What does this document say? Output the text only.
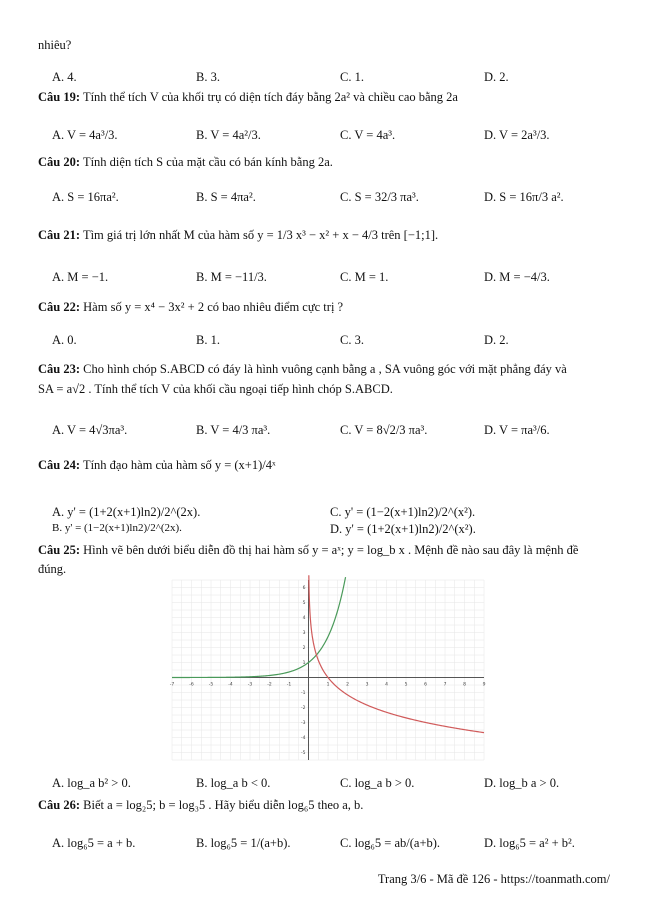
nhiêu?
A. 4.	B. 3.	C. 1.	D. 2.
Câu 19: Tính thể tích V của khối trụ có diện tích đáy bằng 2a² và chiều cao bằng 2a
A. V = 4a³/3.	B. V = 4a²/3.	C. V = 4a³.	D. V = 2a³/3.
Câu 20: Tính diện tích S của mặt cầu có bán kính bằng 2a.
A. S = 16πa².	B. S = 4πa².	C. S = 32/3 πa³.	D. S = 16π/3 a².
Câu 21: Tìm giá trị lớn nhất M của hàm số y = 1/3 x³ − x² + x − 4/3 trên [−1;1].
A. M = −1.	B. M = −11/3.	C. M = 1.	D. M = −4/3.
Câu 22: Hàm số y = x⁴ − 3x² + 2 có bao nhiêu điểm cực trị ?
A. 0.	B. 1.	C. 3.	D. 2.
Câu 23: Cho hình chóp S.ABCD có đáy là hình vuông cạnh bằng a , SA vuông góc với mặt phẳng đáy và
SA = a√2 . Tính thể tích V của khối cầu ngoại tiếp hình chóp S.ABCD.
A. V = 4√3πa³.	B. V = 4/3 πa³.	C. V = 8√2/3 πa³.	D. V = πa³/6.
Câu 24: Tính đạo hàm của hàm số y = (x+1)/4ˣ
A. y' = (1+2(x+1)ln2)/2^(2x).
B. y' = (1−2(x+1)ln2)/2^(2x).
C. y' = (1−2(x+1)ln2)/2^(x²).
D. y' = (1+2(x+1)ln2)/2^(x²).
Câu 25: Hình vẽ bên dưới biểu diễn đồ thị hai hàm số y = aˣ; y = log_b x . Mệnh đề nào sau đây là mệnh đề
đúng.
-7	-6	-5	-4	-3	-2	-1	1	2	3	4	5	6	7	8	9
-5
-4
-3
-2
-1
1
2
3
4
5
6
A. log_a b² > 0.	B. log_a b < 0.	C. log_a b > 0.	D. log_b a > 0.
Câu 26: Biết a = log₂5; b = log₃5 . Hãy biểu diễn log₆5 theo a, b.
A. log₆5 = a + b.	B. log₆5 = 1/(a+b).	C. log₆5 = ab/(a+b).	D. log₆5 = a² + b².
Trang 3/6 - Mã đề 126 - https://toanmath.com/
